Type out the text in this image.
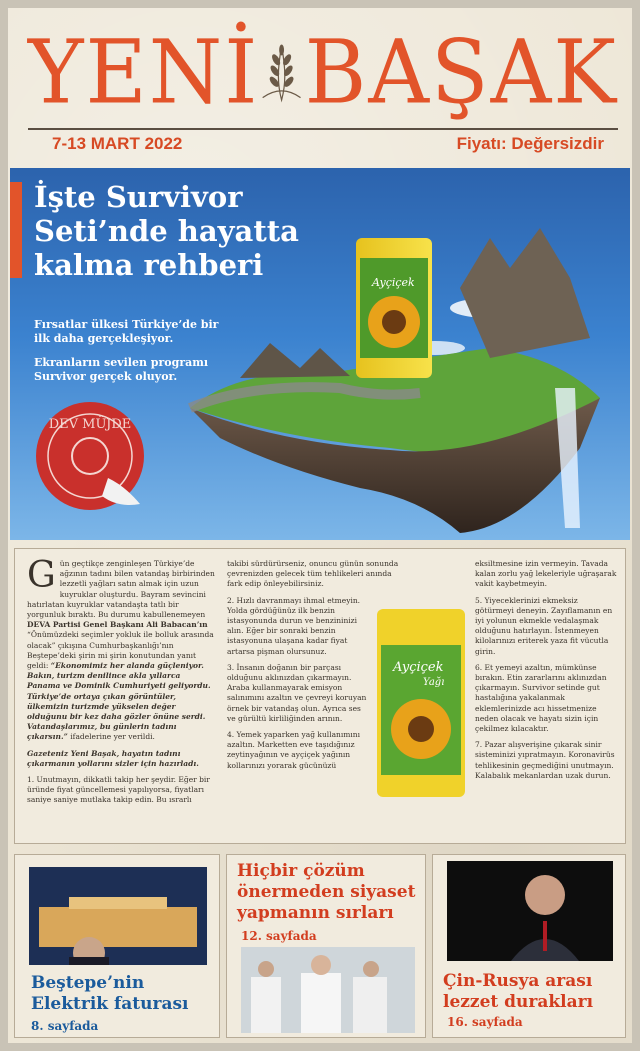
YENİ BAŞAK
7-13 MART 2022	Fiyatı: Değersizdir
Ayçiçek
İşte Survivor Seti’nde hayatta kalma rehberi
Fırsatlar ülkesi Türkiye’de bir ilk daha gerçekleşiyor.
Ekranların sevilen programı Survivor gerçek oluyor.
DEV MÜJDE

G ün geçtikçe zenginleşen Türkiye’de ağzının tadını bilen vatandaş birbirinden lezzetli yağları satın almak için uzun kuyruklar oluşturdu. Bayram sevincini hatırlatan kuyruklar vatandaşta tatlı bir yorgunluk bıraktı. Bu durumu kabullenemeyen DEVA Partisi Genel Başkanı Ali Babacan’ın “Önümüzdeki seçimler yokluk ile bolluk arasında olacak” çıkışına Cumhurbaşkanlığı’nın Beştepe’deki şirin mi şirin konutundan yanıt geldi: “Ekonomimiz her alanda güçleniyor. Bakın, turizm denilince akla yıllarca Panama ve Dominik Cumhuriyeti geliyordu. Türkiye’de ortaya çıkan görüntüler, ülkemizin turizmde yükselen değer olduğunu bir kez daha gözler önüne serdi. Vatandaşlarımız, bu günlerin tadını çıkarsın.” ifadelerine yer verildi.

Gazeteniz Yeni Başak, hayatın tadını çıkarmanın yollarını sizler için hazırladı.

1. Unutmayın, dikkatli takip her şeydir. Eğer bir üründe fiyat güncellemesi yapılıyorsa, fiyatları saniye saniye mutlaka takip edin. Bu ısrarlı

takibi sürdürürseniz, onuncu günün sonunda çevrenizden gelecek tüm tehlikeleri anında fark edip önleyebilirsiniz.

2. Hızlı davranmayı ihmal etmeyin. Yolda gördüğünüz ilk benzin istasyonunda durun ve benzininizi alın. Eğer bir sonraki benzin istasyonuna ulaşana kadar fiyat artarsa pişman olursunuz.

3. İnsanın doğanın bir parçası olduğunu aklınızdan çıkarmayın. Araba kullanmayarak emisyon salınımını azaltın ve çevreyi koruyan örnek bir vatandaş olun. Ayrıca ses ve gürültü kirliliğinden arının.

4. Yemek yaparken yağ kullanımını azaltın. Marketten eve taşıdığınız zeytinyağının ve ayçiçek yağının kollarınızı yorarak gücünüzü

Ayçiçek
Yağı

eksiltmesine izin vermeyin. Tavada kalan zorlu yağ lekeleriyle uğraşarak vakit kaybetmeyin.

5. Yiyeceklerinizi ekmeksiz götürmeyi deneyin. Zayıflamanın en iyi yolunun ekmekle vedalaşmak olduğunu hatırlayın. İstenmeyen kilolarınızı eriterek yaza fit vücutla girin.

6. Et yemeyi azaltın, mümkünse bırakın. Etin zararlarını aklınızdan çıkarmayın. Survivor setinde gut hastalığına yakalanmak eklemlerinizde acı hissetmenize neden olacak ve hayatı sizin için çekilmez kılacaktır.

7. Pazar alışverişine çıkarak sinir sisteminizi yıpratmayın. Koronavirüs tehlikesinin geçmediğini unutmayın. Kalabalık mekanlardan uzak durun.

Beştepe’nin Elektrik faturası
8. sayfada
Hiçbir çözüm önermeden siyaset yapmanın sırları
12. sayfada
Çin-Rusya arası lezzet durakları
16. sayfada
